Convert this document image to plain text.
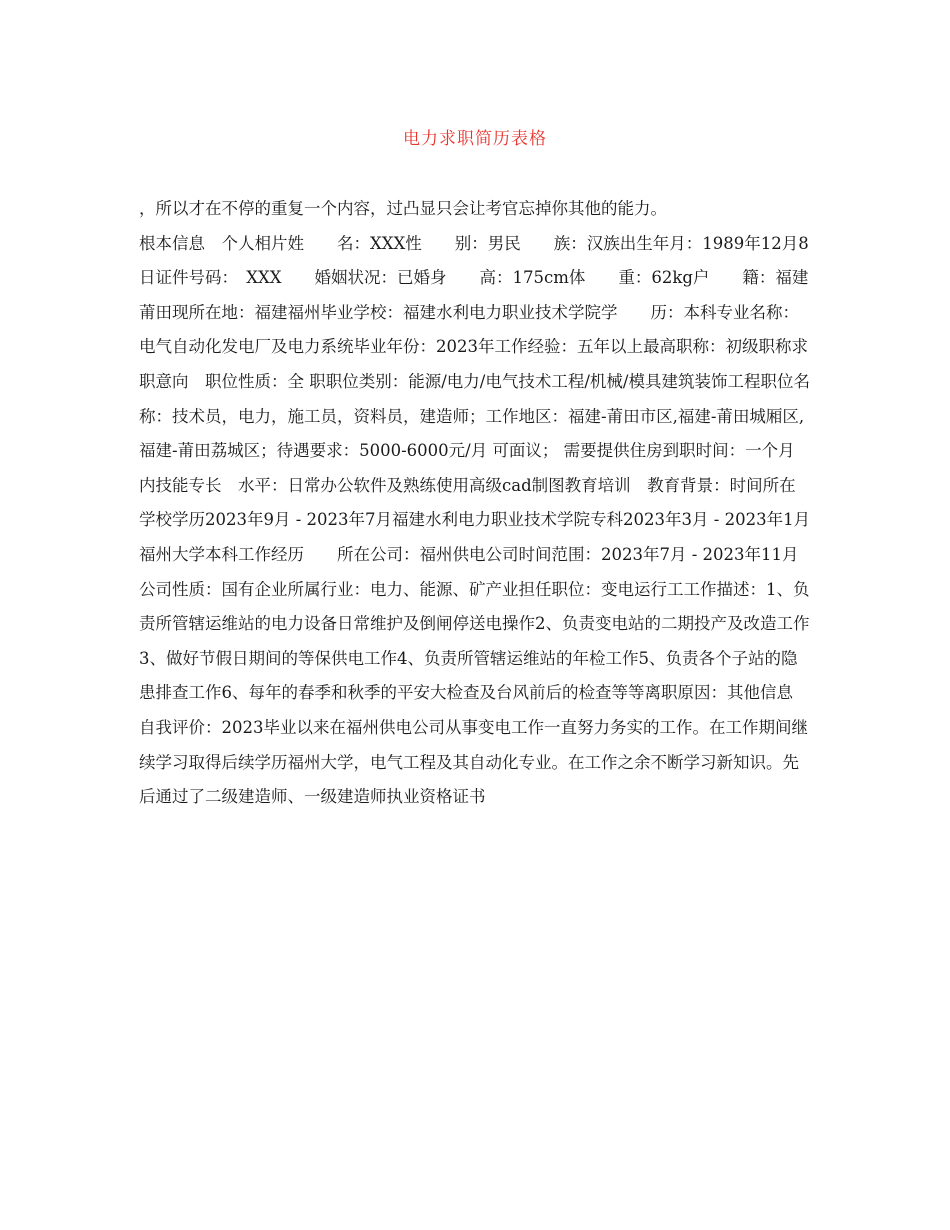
电力求职简历表格

，所以才在不停的重复一个内容，过凸显只会让考官忘掉你其他的能力。
根本信息　个人相片姓　　名：XXX性　　别：男民　　族：汉族出生年月：1989年12月8日证件号码：　XXX　　婚姻状况：已婚身　　高：175cm体　　重：62kg户　　籍：福建莆田现所在地：福建福州毕业学校：福建水利电力职业技术学院学　　历：本科专业名称：电气自动化发电厂及电力系统毕业年份：2023年工作经验：五年以上最高职称：初级职称求职意向　职位性质：全 职职位类别：能源/电力/电气技术工程/机械/模具建筑装饰工程职位名称：技术员，电力，施工员，资料员，建造师；工作地区：福建-莆田市区,福建-莆田城厢区,福建-莆田荔城区；待遇要求：5000-6000元/月 可面议； 需要提供住房到职时间：一个月内技能专长　水平：日常办公软件及熟练使用高级cad制图教育培训　教育背景：时间所在学校学历2023年9月 - 2023年7月福建水利电力职业技术学院专科2023年3月 - 2023年1月福州大学本科工作经历　　所在公司：福州供电公司时间范围：2023年7月 - 2023年11月公司性质：国有企业所属行业：电力、能源、矿产业担任职位：变电运行工工作描述：1、负责所管辖运维站的电力设备日常维护及倒闸停送电操作2、负责变电站的二期投产及改造工作3、做好节假日期间的等保供电工作4、负责所管辖运维站的年检工作5、负责各个子站的隐患排查工作6、每年的春季和秋季的平安大检查及台风前后的检查等等离职原因：其他信息　自我评价：2023毕业以来在福州供电公司从事变电工作一直努力务实的工作。在工作期间继续学习取得后续学历福州大学，电气工程及其自动化专业。在工作之余不断学习新知识。先后通过了二级建造师、一级建造师执业资格证书
